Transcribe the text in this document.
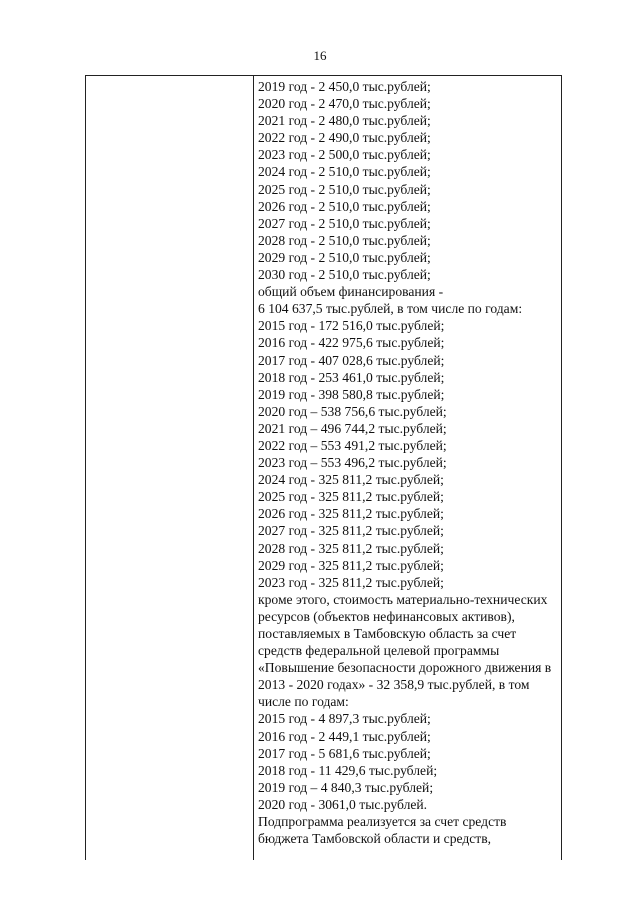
16
2019 год - 2 450,0 тыс.рублей;
2020 год - 2 470,0 тыс.рублей;
2021 год - 2 480,0 тыс.рублей;
2022 год - 2 490,0 тыс.рублей;
2023 год - 2 500,0 тыс.рублей;
2024 год - 2 510,0 тыс.рублей;
2025 год - 2 510,0 тыс.рублей;
2026 год - 2 510,0 тыс.рублей;
2027 год - 2 510,0 тыс.рублей;
2028 год - 2 510,0 тыс.рублей;
2029 год - 2 510,0 тыс.рублей;
2030 год - 2 510,0 тыс.рублей;
общий объем финансирования -
6 104 637,5 тыс.рублей, в том числе по годам:
2015 год - 172 516,0 тыс.рублей;
2016 год - 422 975,6 тыс.рублей;
2017 год - 407 028,6 тыс.рублей;
2018 год - 253 461,0 тыс.рублей;
2019 год - 398 580,8 тыс.рублей;
2020 год – 538 756,6 тыс.рублей;
2021 год – 496 744,2 тыс.рублей;
2022 год – 553 491,2 тыс.рублей;
2023 год – 553 496,2 тыс.рублей;
2024 год - 325 811,2 тыс.рублей;
2025 год - 325 811,2 тыс.рублей;
2026 год - 325 811,2 тыс.рублей;
2027 год - 325 811,2 тыс.рублей;
2028 год - 325 811,2 тыс.рублей;
2029 год - 325 811,2 тыс.рублей;
2023 год - 325 811,2 тыс.рублей;
кроме этого, стоимость материально-технических
ресурсов (объектов нефинансовых активов),
поставляемых в Тамбовскую область за счет
средств федеральной целевой программы
«Повышение безопасности дорожного движения в
2013 - 2020 годах» - 32 358,9 тыс.рублей, в том
числе по годам:
2015 год - 4 897,3 тыс.рублей;
2016 год - 2 449,1 тыс.рублей;
2017 год - 5 681,6 тыс.рублей;
2018 год - 11 429,6 тыс.рублей;
2019 год – 4 840,3 тыс.рублей;
2020 год - 3061,0 тыс.рублей.
Подпрограмма реализуется за счет средств
бюджета Тамбовской области и средств,
